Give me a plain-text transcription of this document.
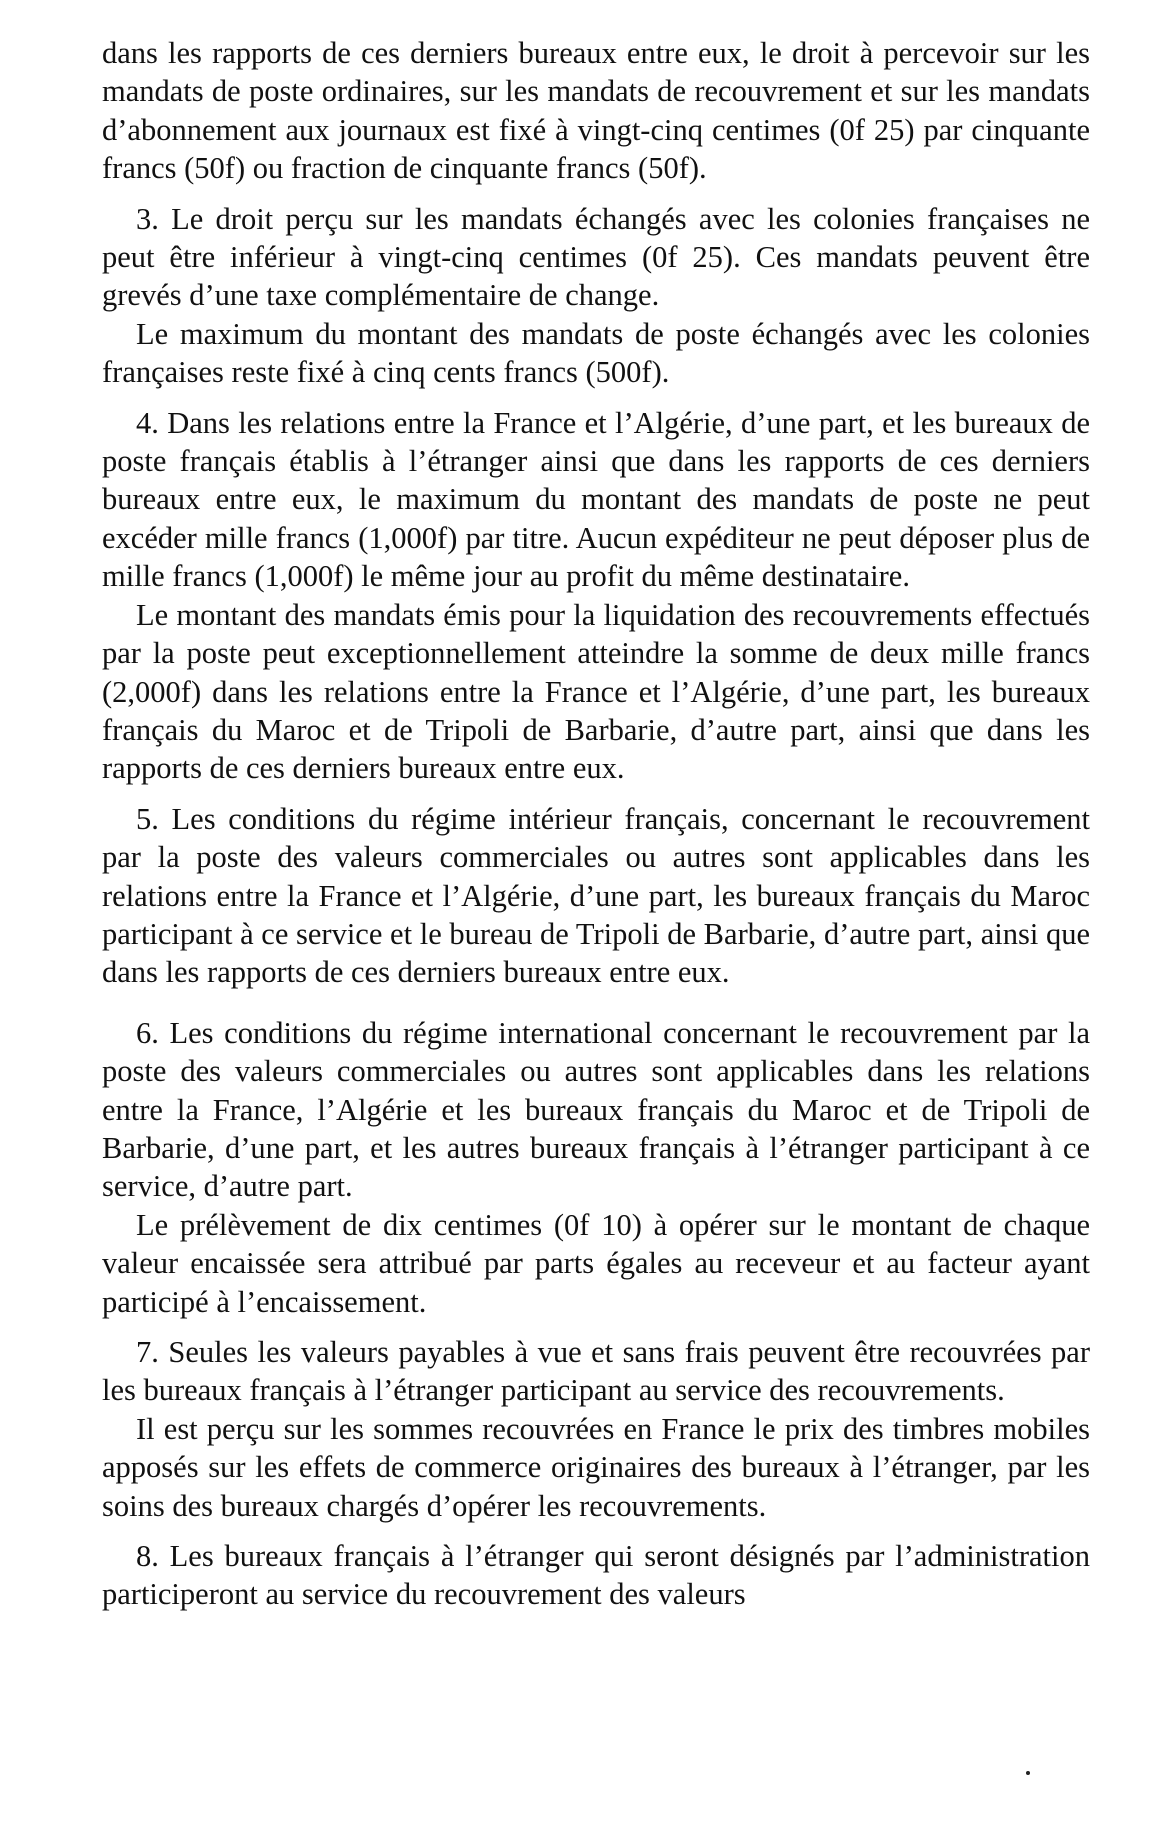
dans les rapports de ces derniers bureaux entre eux, le droit à percevoir sur les mandats de poste ordinaires, sur les mandats de recouvrement et sur les mandats d’abonnement aux journaux est fixé à vingt-cinq centimes (0f 25) par cinquante francs (50f) ou fraction de cinquante francs (50f).

3. Le droit perçu sur les mandats échangés avec les colonies françaises ne peut être inférieur à vingt-cinq centimes (0f 25). Ces mandats peuvent être grevés d’une taxe complémentaire de change.

Le maximum du montant des mandats de poste échangés avec les colonies françaises reste fixé à cinq cents francs (500f).

4. Dans les relations entre la France et l’Algérie, d’une part, et les bureaux de poste français établis à l’étranger ainsi que dans les rapports de ces derniers bureaux entre eux, le maximum du montant des mandats de poste ne peut excéder mille francs (1,000f) par titre. Aucun expéditeur ne peut déposer plus de mille francs (1,000f) le même jour au profit du même destinataire.

Le montant des mandats émis pour la liquidation des recouvrements effectués par la poste peut exceptionnellement atteindre la somme de deux mille francs (2,000f) dans les relations entre la France et l’Algérie, d’une part, les bureaux français du Maroc et de Tripoli de Barbarie, d’autre part, ainsi que dans les rapports de ces derniers bureaux entre eux.

5. Les conditions du régime intérieur français, concernant le recouvrement par la poste des valeurs commerciales ou autres sont applicables dans les relations entre la France et l’Algérie, d’une part, les bureaux français du Maroc participant à ce service et le bureau de Tripoli de Barbarie, d’autre part, ainsi que dans les rapports de ces derniers bureaux entre eux.

6. Les conditions du régime international concernant le recouvrement par la poste des valeurs commerciales ou autres sont applicables dans les relations entre la France, l’Algérie et les bureaux français du Maroc et de Tripoli de Barbarie, d’une part, et les autres bureaux français à l’étranger participant à ce service, d’autre part.

Le prélèvement de dix centimes (0f 10) à opérer sur le montant de chaque valeur encaissée sera attribué par parts égales au receveur et au facteur ayant participé à l’encaissement.

7. Seules les valeurs payables à vue et sans frais peuvent être recouvrées par les bureaux français à l’étranger participant au service des recouvrements.

Il est perçu sur les sommes recouvrées en France le prix des timbres mobiles apposés sur les effets de commerce originaires des bureaux à l’étranger, par les soins des bureaux chargés d’opérer les recouvrements.

8. Les bureaux français à l’étranger qui seront désignés par l’administration participeront au service du recouvrement des valeurs
